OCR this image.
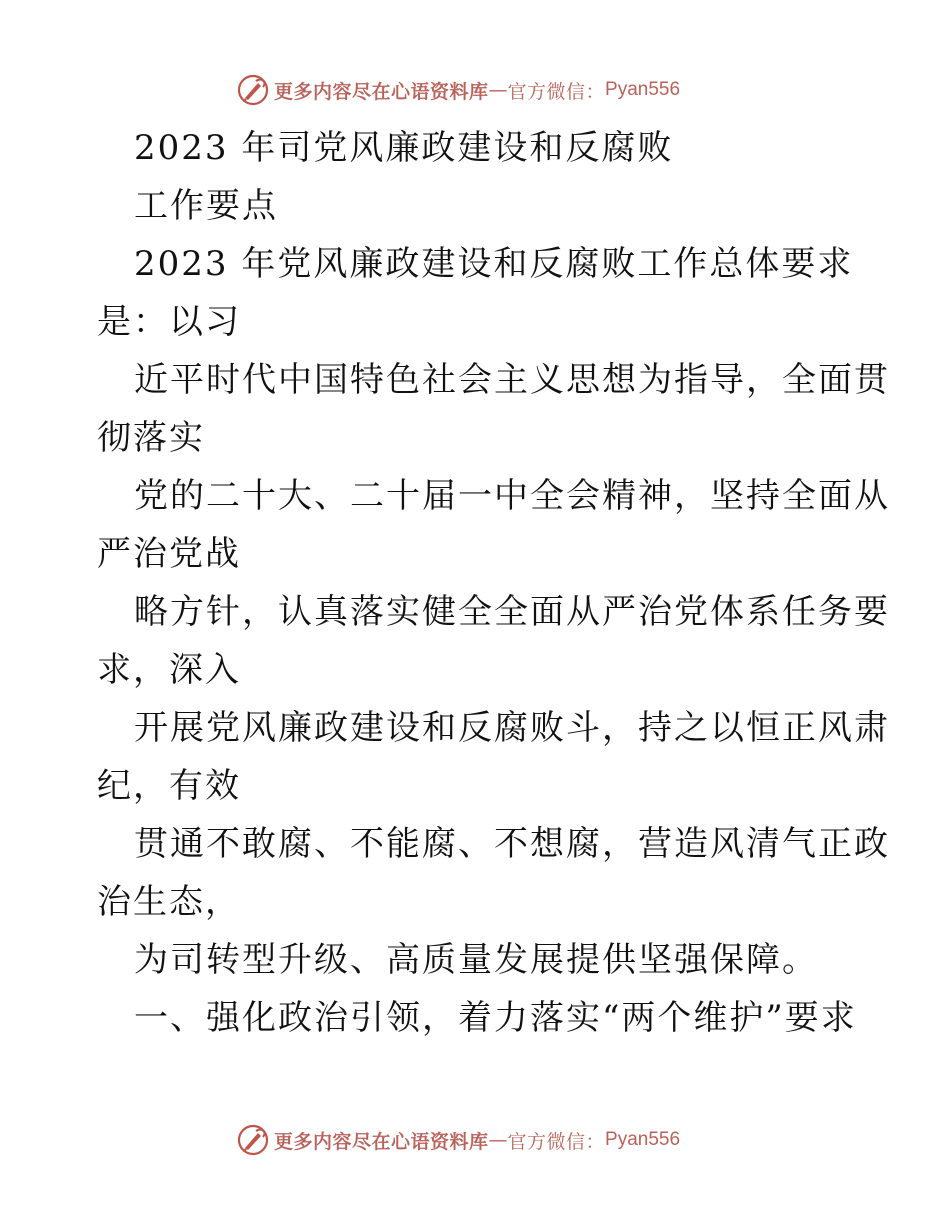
更多内容尽在心语资料库 — 官方微信： Pyan556
2023 年司党风廉政建设和反腐败
工作要点
2023 年党风廉政建设和反腐败工作总体要求
是：以习
近平时代中国特色社会主义思想为指导，全面贯
彻落实
党的二十大、二十届一中全会精神，坚持全面从
严治党战
略方针，认真落实健全全面从严治党体系任务要
求，深入
开展党风廉政建设和反腐败斗，持之以恒正风肃
纪，有效
贯通不敢腐、不能腐、不想腐，营造风清气正政
治生态，
为司转型升级、高质量发展提供坚强保障。
一、强化政治引领，着力落实“两个维护”要求
更多内容尽在心语资料库 — 官方微信： Pyan556
